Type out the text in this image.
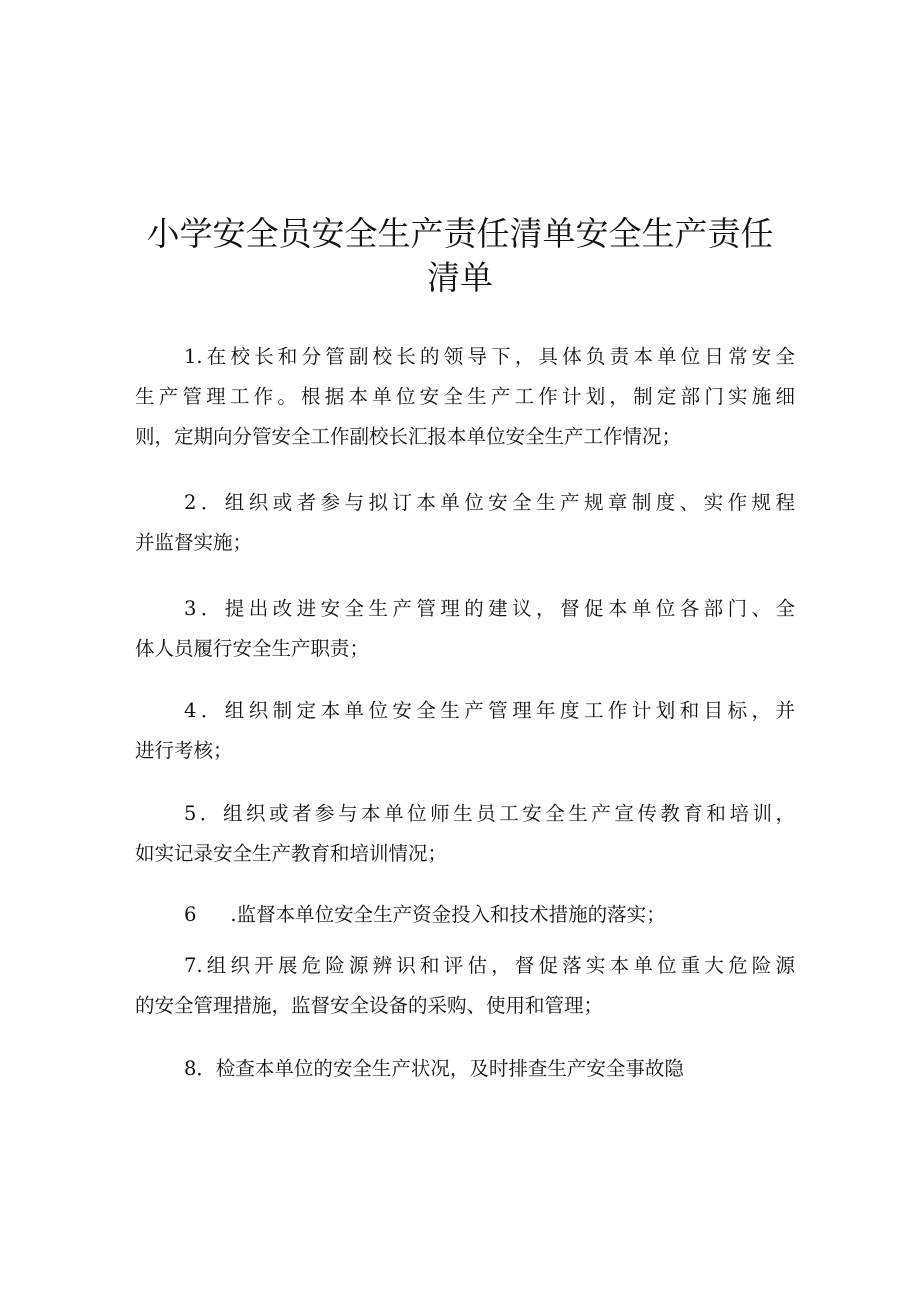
小学安全员安全生产责任清单安全生产责任
清单

1.在校长和分管副校长的领导下，具体负责本单位日常安全
生产管理工作。根据本单位安全生产工作计划，制定部门实施细
则，定期向分管安全工作副校长汇报本单位安全生产工作情况；

2．组织或者参与拟订本单位安全生产规章制度、实作规程
并监督实施；

3．提出改进安全生产管理的建议，督促本单位各部门、全
体人员履行安全生产职责；

4．组织制定本单位安全生产管理年度工作计划和目标，并
进行考核；

5．组织或者参与本单位师生员工安全生产宣传教育和培训，
如实记录安全生产教育和培训情况；

6 .监督本单位安全生产资金投入和技术措施的落实；

7.组织开展危险源辨识和评估，督促落实本单位重大危险源
的安全管理措施，监督安全设备的采购、使用和管理；

8．检查本单位的安全生产状况，及时排查生产安全事故隐
